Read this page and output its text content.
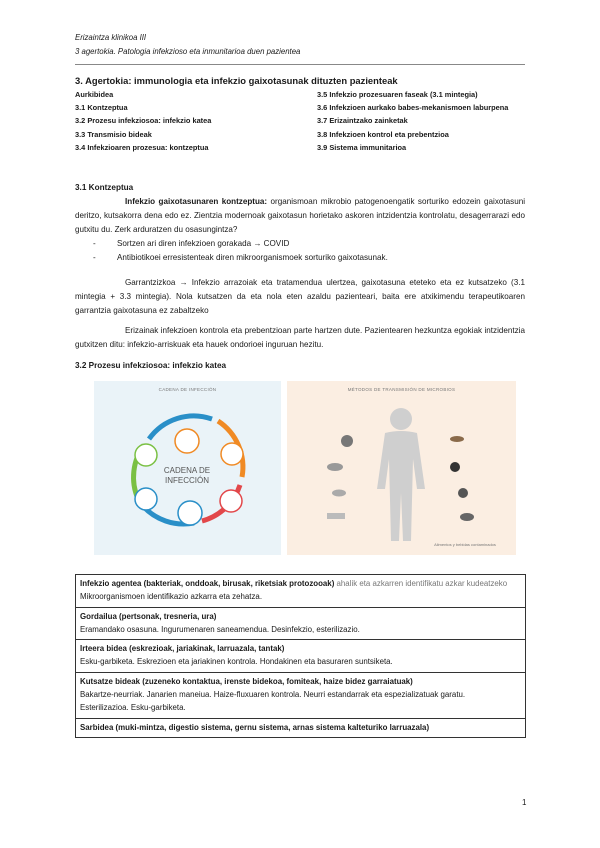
Erizaintza klinikoa III
3 agertokia. Patologia infekzioso eta inmunitarioa duen pazientea
3. Agertokia: immunologia eta infekzio gaixotasunak dituzten pazienteak
Aurkibidea	3.5 Infekzio prozesuaren faseak (3.1 mintegia)
3.1 Kontzeptua	3.6 Infekzioen aurkako babes-mekanismoen laburpena
3.2 Prozesu infekziosoa: infekzio katea	3.7 Erizaintzako zainketak
3.3 Transmisio bideak	3.8 Infekzioen kontrol eta prebentzioa
3.4 Infekzioaren prozesua: kontzeptua	3.9 Sistema immunitarioa
3.1 Kontzeptua
Infekzio gaixotasunaren kontzeptua: organismoan mikrobio patogenoengatik sorturiko edozein gaixotasuni deritzo, kutsakorra dena edo ez. Zientzia modernoak gaixotasun horietako askoren intzidentzia kontrolatu, desagerrarazi edo gutxitu du. Zerk arduratzen du osasungintza?
- Sortzen ari diren infekzioen gorakada → COVID
- Antibiotikoei erresistenteak diren mikroorganismoek sorturiko gaixotasunak.
Garrantzizkoa → Infekzio arrazoiak eta tratamendua ulertzea, gaixotasuna eteteko eta ez kutsatzeko (3.1 mintegia + 3.3 mintegia). Nola kutsatzen da eta nola eten azaldu pazienteari, baita ere atxikimendu terapeutikoaren garrantzia gaixotasuna ez zabaltzeko
Erizainak infekzioen kontrola eta prebentzioan parte hartzen dute. Pazientearen hezkuntza egokiak intzidentzia gutxitzen ditu: infekzio-arriskuak eta hauek ondorioei inguruan hezitu.
3.2 Prozesu infekziosoa: infekzio katea
CADENA DE INFECCIÓN
CADENA DE
INFECCIÓN
MÉTODOS DE TRANSMISIÓN DE MICROBIOS
Alimentos y bebidas contaminados
Infekzio agentea (bakteriak, onddoak, birusak, riketsiak protozooak) ahalik eta azkarren identifikatu azkar kudeatzeko
Mikroorganismoen identifikazio azkarra eta zehatza.
Gordailua (pertsonak, tresneria, ura)
Eramandako osasuna. Ingurumenaren saneamendua. Desinfekzio, esterilizazio.
Irteera bidea (eskrezioak, jariakinak, larruazala, tantak)
Esku-garbiketa. Eskrezioen eta jariakinen kontrola. Hondakinen eta basuraren suntsiketa.
Kutsatze bideak (zuzeneko kontaktua, irenste bidekoa, fomiteak, haize bidez garraiatuak)
Bakartze-neurriak. Janarien maneiua. Haize-fluxuaren kontrola. Neurri estandarrak eta espezializatuak garatu.
Esterilizazioa. Esku-garbiketa.
Sarbidea (muki-mintza, digestio sistema, gernu sistema, arnas sistema kalteturiko larruazala)
1
